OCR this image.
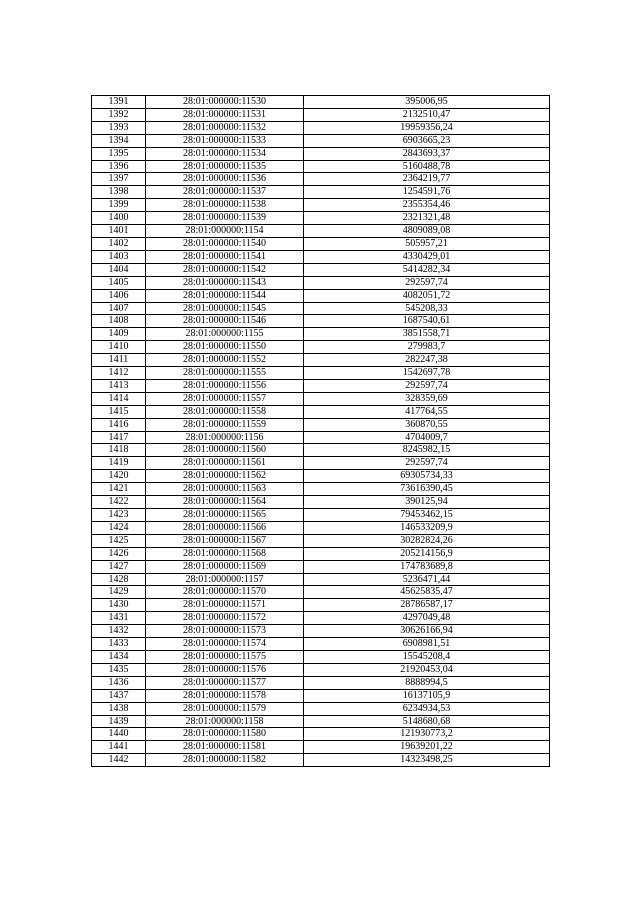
1391	28:01:000000:11530	395006,95
1392	28:01:000000:11531	2132510,47
1393	28:01:000000:11532	19959356,24
1394	28:01:000000:11533	6903665,23
1395	28:01:000000:11534	2843693,37
1396	28:01:000000:11535	5160488,78
1397	28:01:000000:11536	2364219,77
1398	28:01:000000:11537	1254591,76
1399	28:01:000000:11538	2355354,46
1400	28:01:000000:11539	2321321,48
1401	28:01:000000:1154	4809089,08
1402	28:01:000000:11540	505957,21
1403	28:01:000000:11541	4330429,01
1404	28:01:000000:11542	5414282,34
1405	28:01:000000:11543	292597,74
1406	28:01:000000:11544	4082051,72
1407	28:01:000000:11545	545208,33
1408	28:01:000000:11546	1687540,61
1409	28:01:000000:1155	3851558,71
1410	28:01:000000:11550	279983,7
1411	28:01:000000:11552	282247,38
1412	28:01:000000:11555	1542697,78
1413	28:01:000000:11556	292597,74
1414	28:01:000000:11557	328359,69
1415	28:01:000000:11558	417764,55
1416	28:01:000000:11559	360870,55
1417	28:01:000000:1156	4704009,7
1418	28:01:000000:11560	8245982,15
1419	28:01:000000:11561	292597,74
1420	28:01:000000:11562	69305734,33
1421	28:01:000000:11563	73616390,45
1422	28:01:000000:11564	390125,94
1423	28:01:000000:11565	79453462,15
1424	28:01:000000:11566	146533209,9
1425	28:01:000000:11567	30282824,26
1426	28:01:000000:11568	205214156,9
1427	28:01:000000:11569	174783689,8
1428	28:01:000000:1157	5236471,44
1429	28:01:000000:11570	45625835,47
1430	28:01:000000:11571	28786587,17
1431	28:01:000000:11572	4297049,48
1432	28:01:000000:11573	30626166,94
1433	28:01:000000:11574	6908981,51
1434	28:01:000000:11575	15545208,4
1435	28:01:000000:11576	21920453,04
1436	28:01:000000:11577	8888994,5
1437	28:01:000000:11578	16137105,9
1438	28:01:000000:11579	6234934,53
1439	28:01:000000:1158	5148680,68
1440	28:01:000000:11580	121930773,2
1441	28:01:000000:11581	19639201,22
1442	28:01:000000:11582	14323498,25
